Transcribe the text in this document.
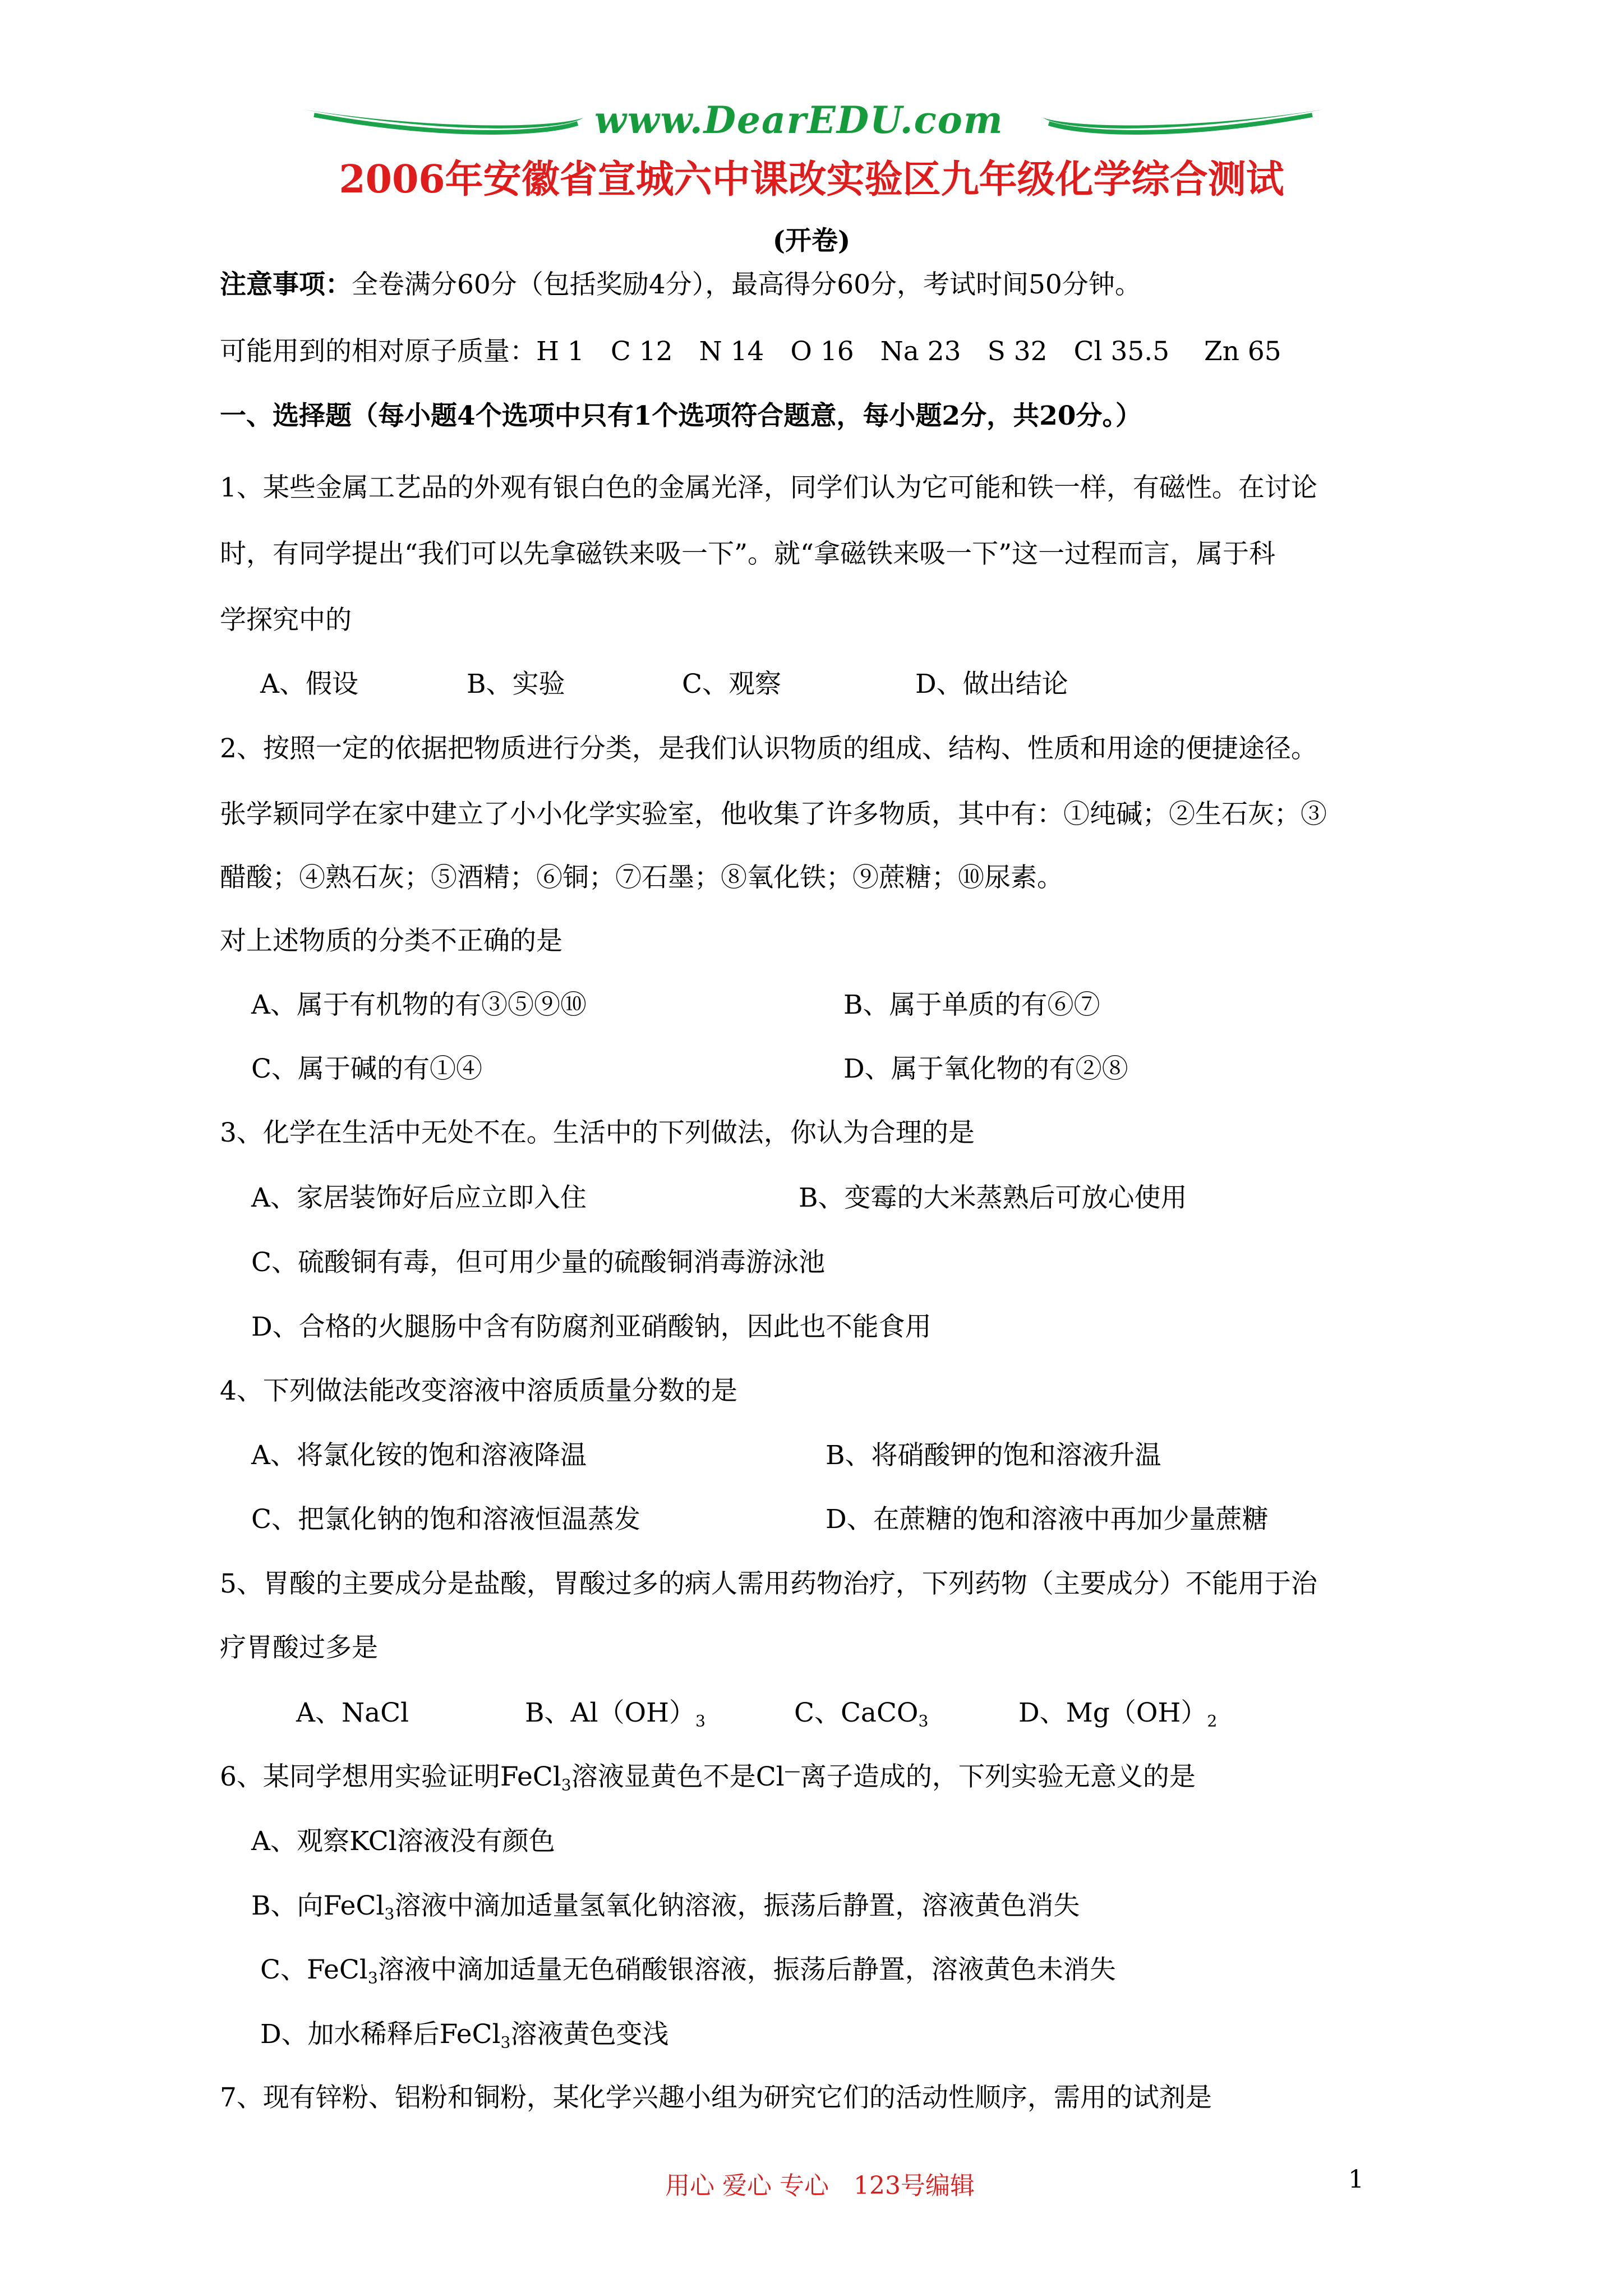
www.DearEDU.com
2006年安徽省宣城六中课改实验区九年级化学综合测试
(开卷)
注意事项：全卷满分60分（包括奖励4分），最高得分60分，考试时间50分钟。
可能用到的相对原子质量：H 1　C 12　N 14　O 16　Na 23　S 32　Cl 35.5　 Zn 65
一、选择题（每小题4个选项中只有1个选项符合题意，每小题2分，共20分。）
1、某些金属工艺品的外观有银白色的金属光泽，同学们认为它可能和铁一样，有磁性。在讨论
时，有同学提出“我们可以先拿磁铁来吸一下”。就“拿磁铁来吸一下”这一过程而言，属于科
学探究中的
A、假设	B、实验	C、观察	D、做出结论
2、按照一定的依据把物质进行分类，是我们认识物质的组成、结构、性质和用途的便捷途径。
张学颖同学在家中建立了小小化学实验室，他收集了许多物质，其中有：①纯碱；②生石灰；③
醋酸；④熟石灰；⑤酒精；⑥铜；⑦石墨；⑧氧化铁；⑨蔗糖；⑩尿素。
对上述物质的分类不正确的是
A、属于有机物的有③⑤⑨⑩	B、属于单质的有⑥⑦
C、属于碱的有①④	D、属于氧化物的有②⑧
3、化学在生活中无处不在。生活中的下列做法，你认为合理的是
A、家居装饰好后应立即入住	B、变霉的大米蒸熟后可放心使用
C、硫酸铜有毒，但可用少量的硫酸铜消毒游泳池
D、合格的火腿肠中含有防腐剂亚硝酸钠，因此也不能食用
4、下列做法能改变溶液中溶质质量分数的是
A、将氯化铵的饱和溶液降温	B、将硝酸钾的饱和溶液升温
C、把氯化钠的饱和溶液恒温蒸发	D、在蔗糖的饱和溶液中再加少量蔗糖
5、胃酸的主要成分是盐酸，胃酸过多的病人需用药物治疗，下列药物（主要成分）不能用于治
疗胃酸过多是
A、NaCl	B、$Al(OH)_3$	C、CaCO$_3$	D、$Mg(OH)_2$
6、某同学想用实验证明FeCl$_3$溶液显黄色不是Cl—离子造成的，下列实验无意义的是
A、观察KCl溶液没有颜色
B、向FeCl$_3$溶液中滴加适量氢氧化钠溶液，振荡后静置，溶液黄色消失
C、FeCl$_3$溶液中滴加适量无色硝酸银溶液，振荡后静置，溶液黄色未消失
D、加水稀释后FeCl$_3$溶液黄色变浅
7、现有锌粉、铝粉和铜粉，某化学兴趣小组为研究它们的活动性顺序，需用的试剂是
用心 爱心 专心　123号编辑	1
